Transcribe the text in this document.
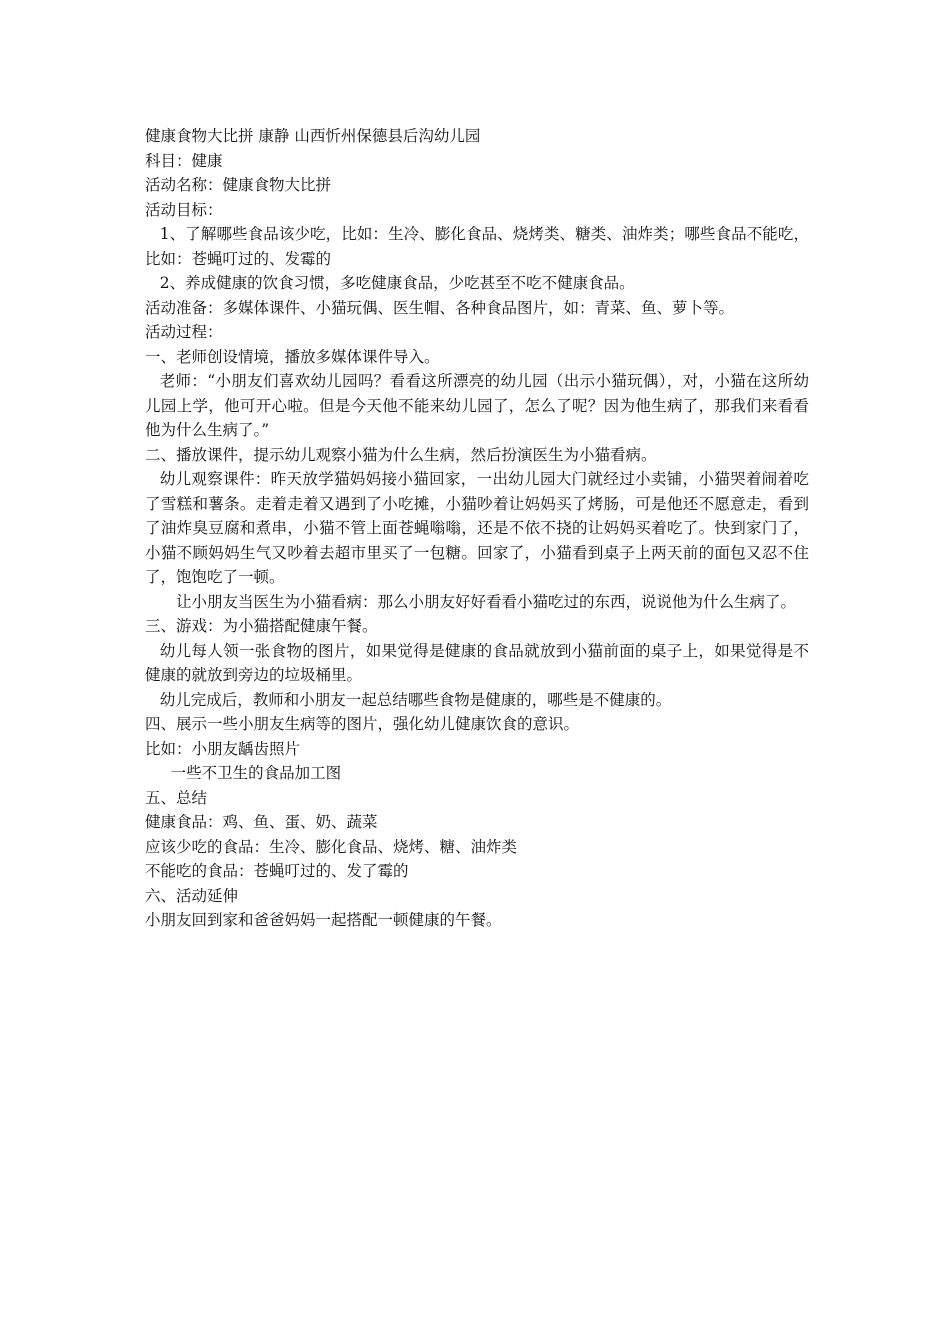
健康食物大比拼 康静 山西忻州保德县后沟幼儿园

科目：健康

活动名称：健康食物大比拼

活动目标：

1、了解哪些食品该少吃，比如：生冷、膨化食品、烧烤类、糖类、油炸类；哪些食品不能吃，比如：苍蝇叮过的、发霉的

2、养成健康的饮食习惯，多吃健康食品，少吃甚至不吃不健康食品。

活动准备：多媒体课件、小猫玩偶、医生帽、各种食品图片，如：青菜、鱼、萝卜等。

活动过程：

一、老师创设情境，播放多媒体课件导入。

老师：“小朋友们喜欢幼儿园吗？看看这所漂亮的幼儿园（出示小猫玩偶），对，小猫在这所幼儿园上学，他可开心啦。但是今天他不能来幼儿园了，怎么了呢？因为他生病了，那我们来看看他为什么生病了。”

二、播放课件，提示幼儿观察小猫为什么生病，然后扮演医生为小猫看病。

幼儿观察课件：昨天放学猫妈妈接小猫回家，一出幼儿园大门就经过小卖铺，小猫哭着闹着吃了雪糕和薯条。走着走着又遇到了小吃摊，小猫吵着让妈妈买了烤肠，可是他还不愿意走，看到了油炸臭豆腐和煮串，小猫不管上面苍蝇嗡嗡，还是不依不挠的让妈妈买着吃了。快到家门了，小猫不顾妈妈生气又吵着去超市里买了一包糖。回家了，小猫看到桌子上两天前的面包又忍不住了，饱饱吃了一顿。

让小朋友当医生为小猫看病：那么小朋友好好看看小猫吃过的东西，说说他为什么生病了。

三、游戏：为小猫搭配健康午餐。

幼儿每人领一张食物的图片，如果觉得是健康的食品就放到小猫前面的桌子上，如果觉得是不健康的就放到旁边的垃圾桶里。

幼儿完成后，教师和小朋友一起总结哪些食物是健康的，哪些是不健康的。

四、展示一些小朋友生病等的图片，强化幼儿健康饮食的意识。

比如：小朋友龋齿照片

一些不卫生的食品加工图

五、总结

健康食品：鸡、鱼、蛋、奶、蔬菜

应该少吃的食品：生冷、膨化食品、烧烤、糖、油炸类

不能吃的食品：苍蝇叮过的、发了霉的

六、活动延伸

小朋友回到家和爸爸妈妈一起搭配一顿健康的午餐。
